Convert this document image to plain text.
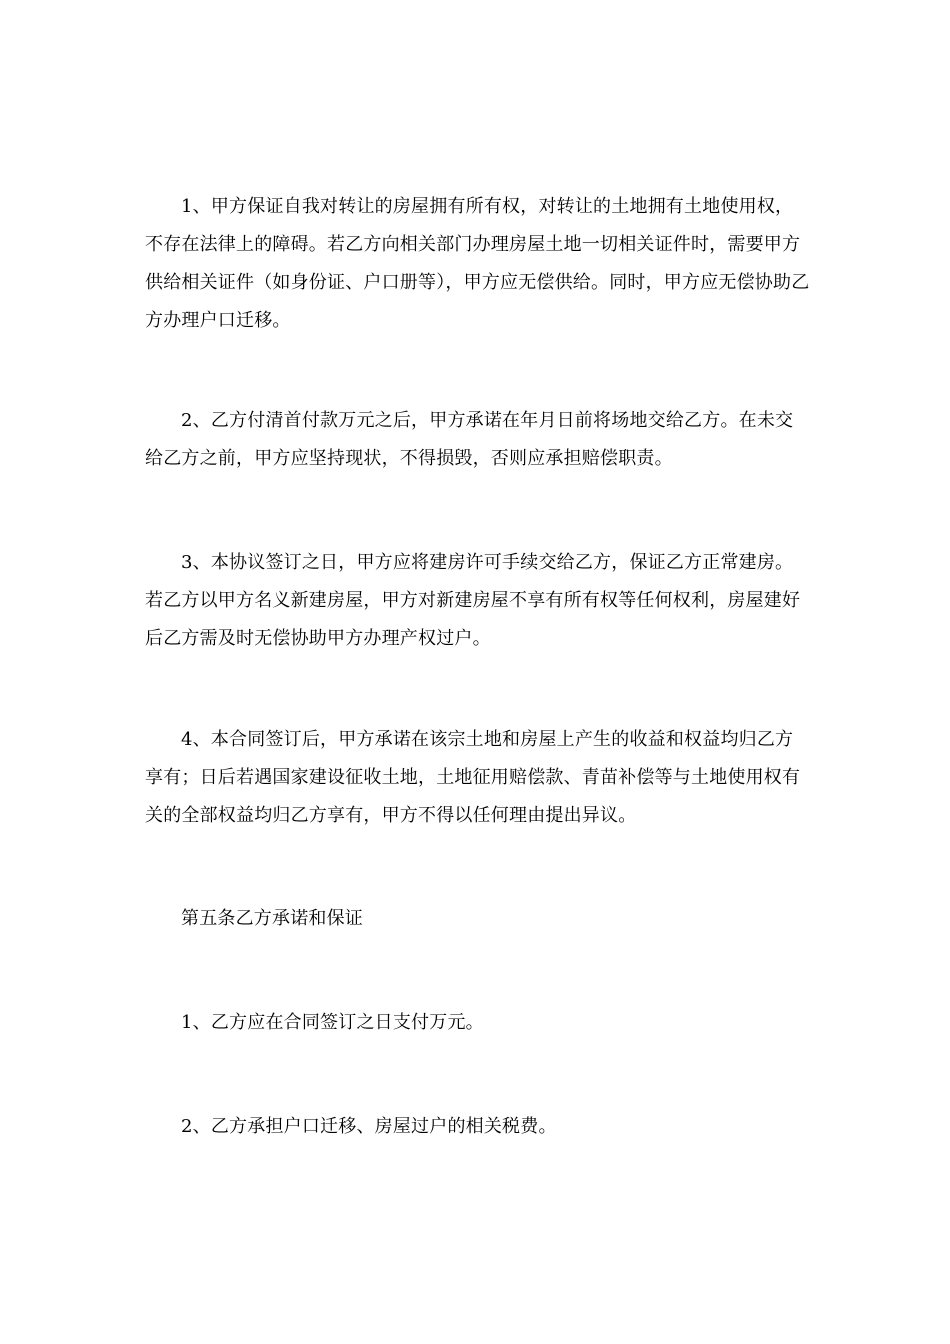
1、甲方保证自我对转让的房屋拥有所有权，对转让的土地拥有土地使用权，不存在法律上的障碍。若乙方向相关部门办理房屋土地一切相关证件时，需要甲方供给相关证件（如身份证、户口册等），甲方应无偿供给。同时，甲方应无偿协助乙方办理户口迁移。

2、乙方付清首付款万元之后，甲方承诺在年月日前将场地交给乙方。在未交给乙方之前，甲方应坚持现状，不得损毁，否则应承担赔偿职责。

3、本协议签订之日，甲方应将建房许可手续交给乙方，保证乙方正常建房。若乙方以甲方名义新建房屋，甲方对新建房屋不享有所有权等任何权利，房屋建好后乙方需及时无偿协助甲方办理产权过户。

4、本合同签订后，甲方承诺在该宗土地和房屋上产生的收益和权益均归乙方享有；日后若遇国家建设征收土地，土地征用赔偿款、青苗补偿等与土地使用权有关的全部权益均归乙方享有，甲方不得以任何理由提出异议。

第五条乙方承诺和保证

1、乙方应在合同签订之日支付万元。

2、乙方承担户口迁移、房屋过户的相关税费。
